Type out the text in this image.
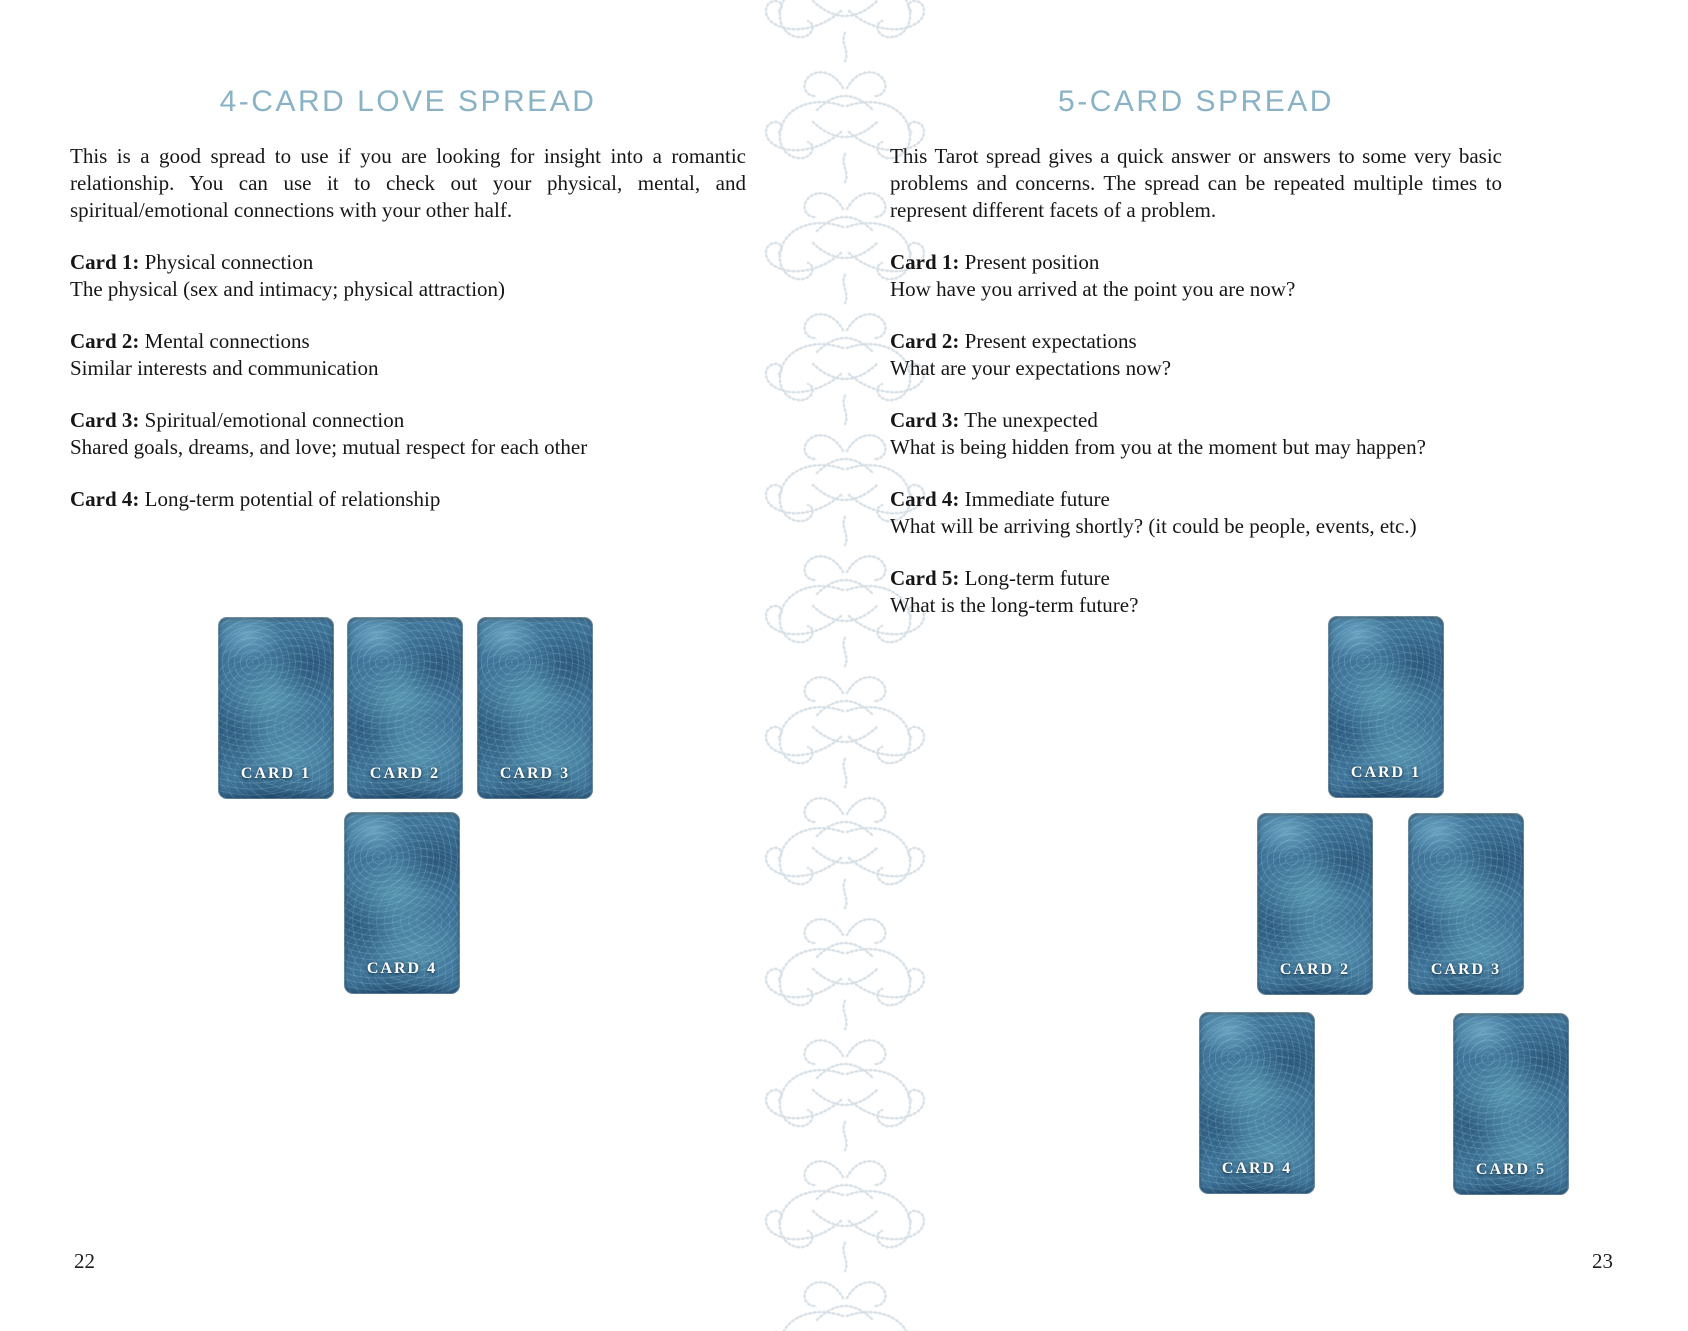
4-CARD LOVE SPREAD

This is a good spread to use if you are looking for insight into a romantic relationship. You can use it to check out your physical, mental, and spiritual/emotional connections with your other half.

Card 1: Physical connection
The physical (sex and intimacy; physical attraction)
Card 2: Mental connections
Similar interests and communication
Card 3: Spiritual/emotional connection
Shared goals, dreams, and love; mutual respect for each other
Card 4: Long-term potential of relationship
5-CARD SPREAD

This Tarot spread gives a quick answer or answers to some very basic problems and concerns. The spread can be repeated multiple times to represent different facets of a problem.

Card 1: Present position
How have you arrived at the point you are now?
Card 2: Present expectations
What are your expectations now?
Card 3: The unexpected
What is being hidden from you at the moment but may happen?
Card 4: Immediate future
What will be arriving shortly? (it could be people, events, etc.)
Card 5: Long-term future
What is the long-term future?
CARD 1	CARD 2	CARD 3
CARD 4
CARD 1
CARD 2	CARD 3
CARD 4	CARD 5
22	23
